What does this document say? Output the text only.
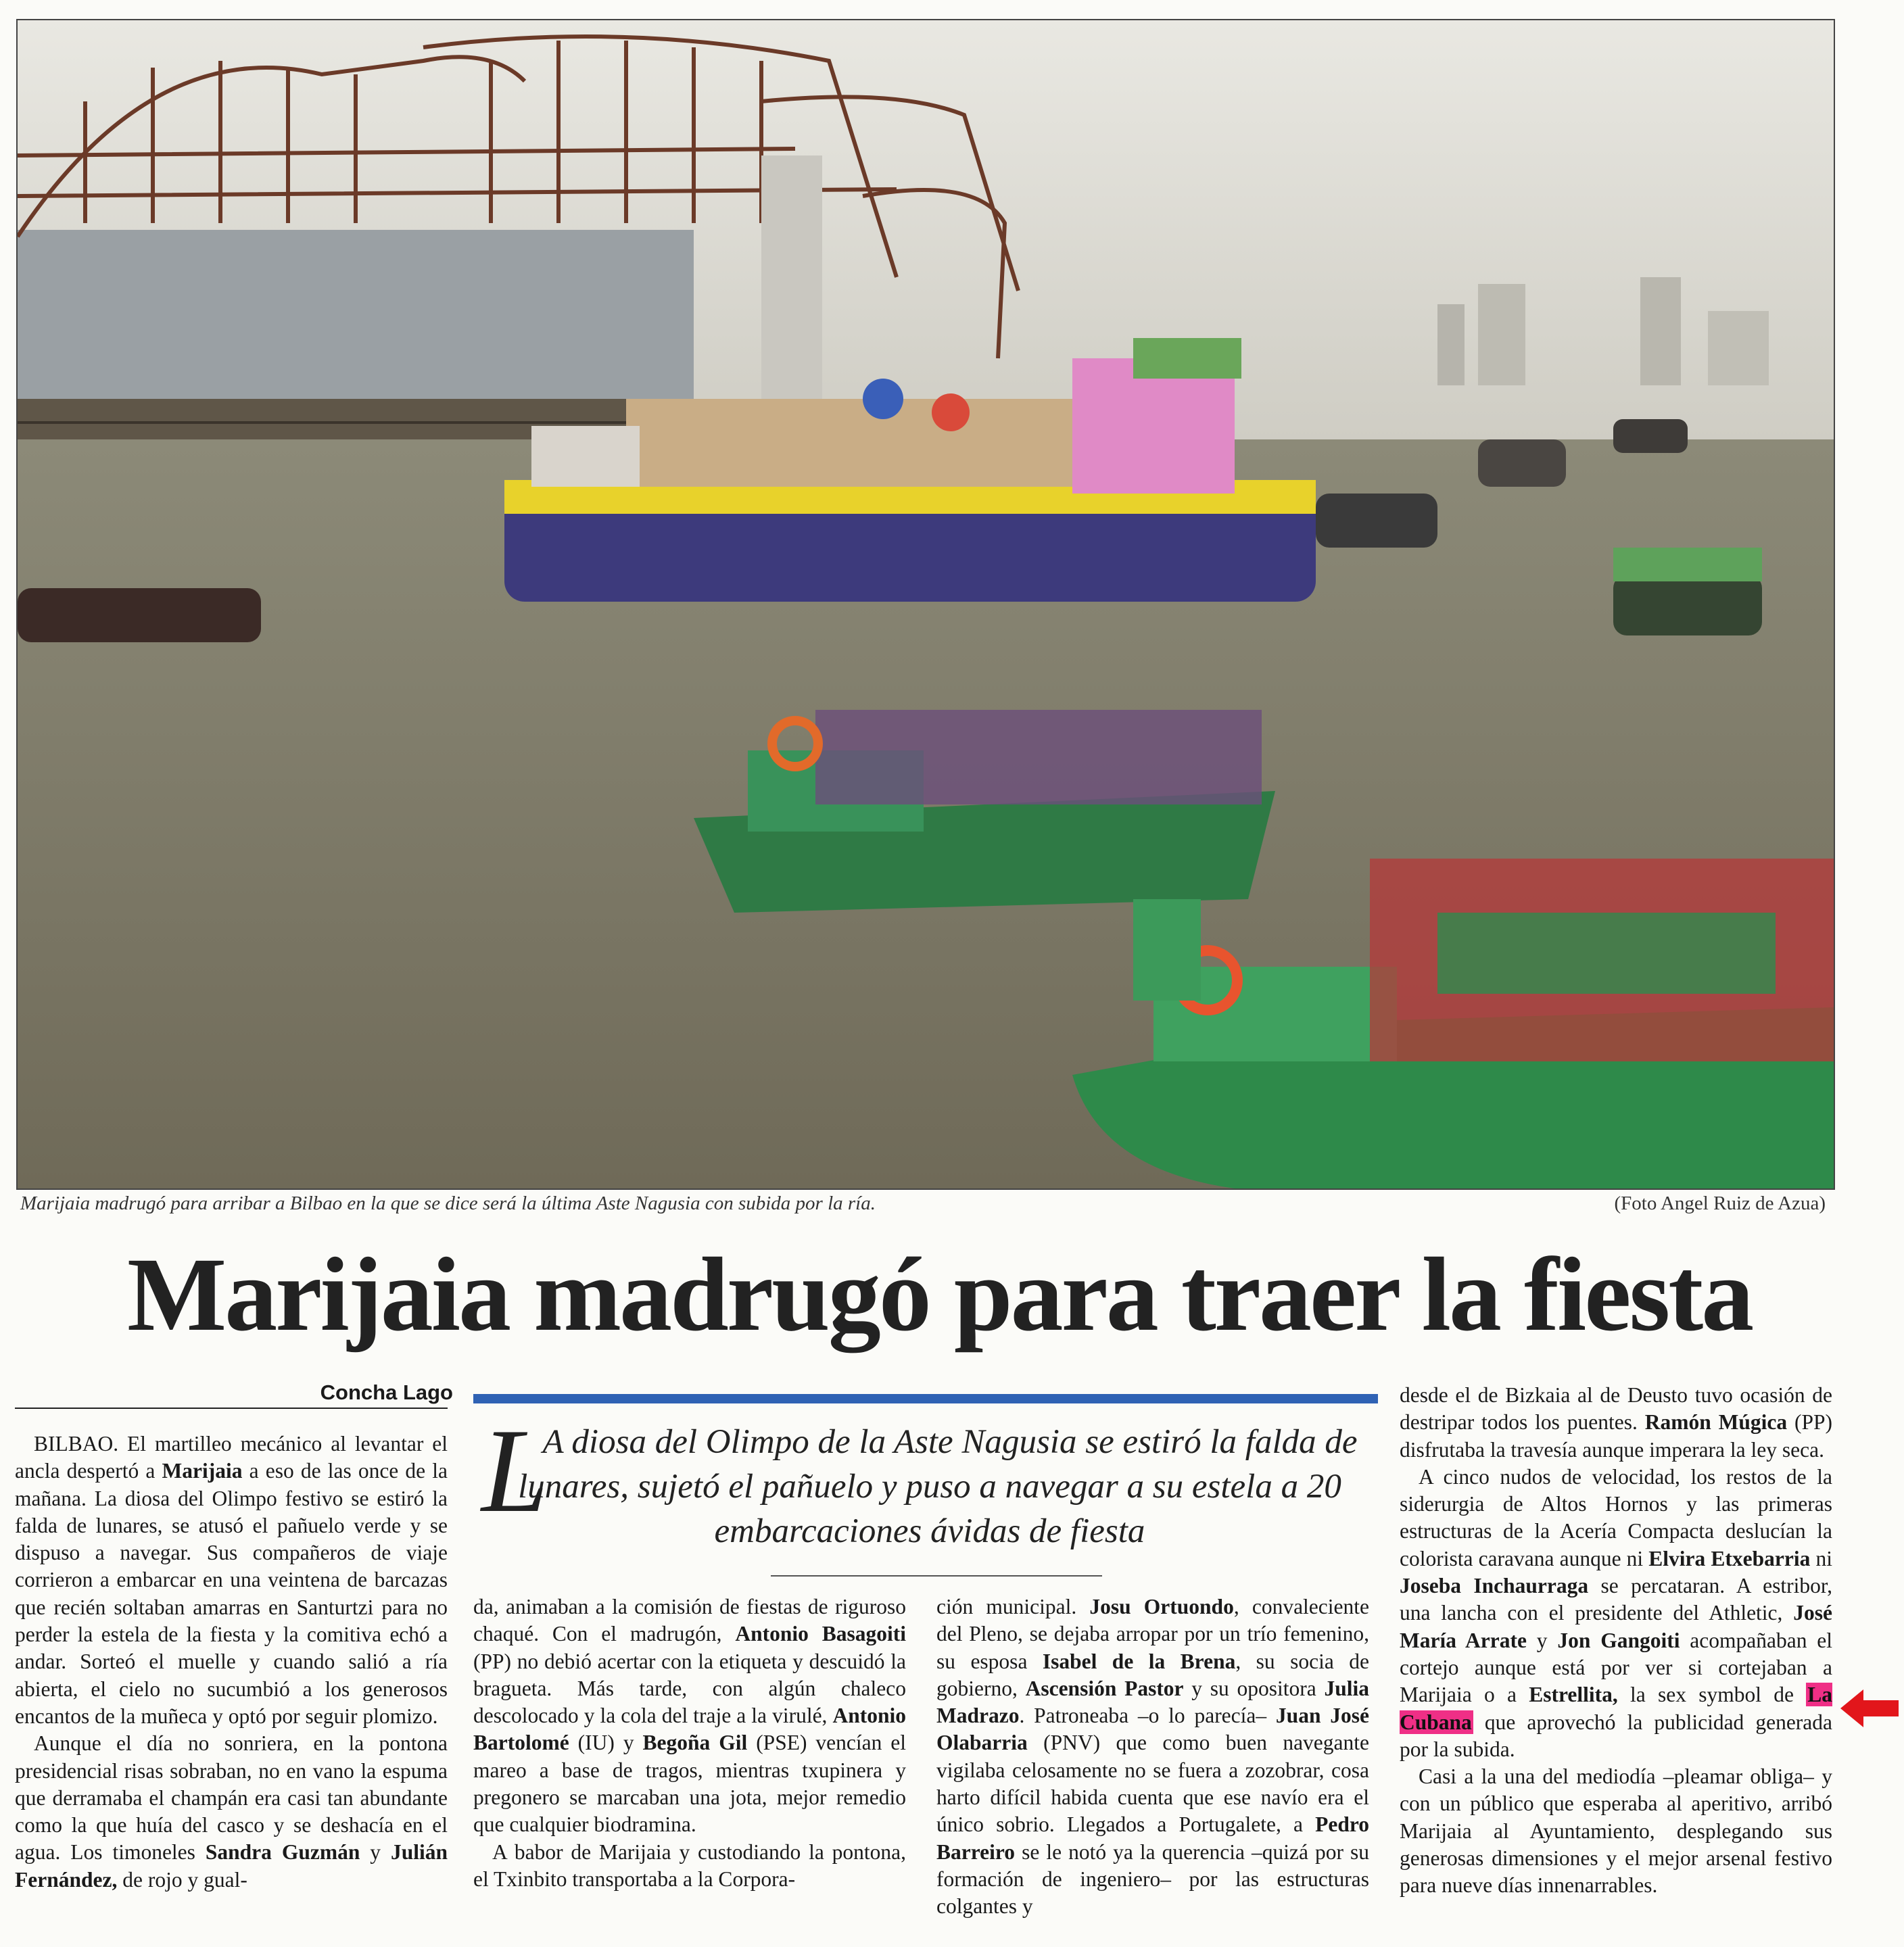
Marijaia madrugó para arribar a Bilbao en la que se dice será la última Aste Nagusia con subida por la ría.	(Foto Angel Ruiz de Azua)
Marijaia madrugó para traer la fiesta
Concha Lago
L
A diosa del Olimpo de la Aste Nagusia se estiró la falda de lunares, sujetó el pañuelo y puso a navegar a su estela a 20 embarcaciones ávidas de fiesta

BILBAO. El martilleo mecánico al levantar el ancla despertó a Marijaia a eso de las once de la mañana. La diosa del Olimpo festivo se estiró la falda de lunares, se atusó el pañuelo verde y se dispuso a navegar. Sus compañeros de viaje corrieron a embarcar en una veintena de barcazas que recién soltaban amarras en Santurtzi para no perder la estela de la fiesta y la comitiva echó a andar. Sorteó el muelle y cuando salió a ría abierta, el cielo no sucumbió a los generosos encantos de la muñeca y optó por seguir plomizo.

Aunque el día no sonriera, en la pontona presidencial risas sobraban, no en vano la espuma que derramaba el champán era casi tan abundante como la que huía del casco y se deshacía en el agua. Los timoneles Sandra Guzmán y Julián Fernández, de rojo y gual-

da, animaban a la comisión de fiestas de riguroso chaqué. Con el madrugón, Antonio Basagoiti (PP) no debió acertar con la etiqueta y descuidó la bragueta. Más tarde, con algún chaleco descolocado y la cola del traje a la virulé, Antonio Bartolomé (IU) y Begoña Gil (PSE) vencían el mareo a base de tragos, mientras txupinera y pregonero se marcaban una jota, mejor remedio que cualquier biodramina.

A babor de Marijaia y custodiando la pontona, el Txinbito transportaba a la Corpora-

ción municipal. Josu Ortuondo, convaleciente del Pleno, se dejaba arropar por un trío femenino, su esposa Isabel de la Brena, su socia de gobierno, Ascensión Pastor y su opositora Julia Madrazo. Patroneaba –o lo parecía– Juan José Olabarria (PNV) que como buen navegante vigilaba celosamente no se fuera a zozobrar, cosa harto difícil habida cuenta que ese navío era el único sobrio. Llegados a Portugalete, a Pedro Barreiro se le notó ya la querencia –quizá por su formación de ingeniero– por las estructuras colgantes y

desde el de Bizkaia al de Deusto tuvo ocasión de destripar todos los puentes. Ramón Múgica (PP) disfrutaba la travesía aunque imperara la ley seca.

A cinco nudos de velocidad, los restos de la siderurgia de Altos Hornos y las primeras estructuras de la Acería Compacta deslucían la colorista caravana aunque ni Elvira Etxebarria ni Joseba Inchaurraga se percataran. A estribor, una lancha con el presidente del Athletic, José María Arrate y Jon Gangoiti acompañaban el cortejo aunque está por ver si cortejaban a Marijaia o a Estrellita, la sex symbol de La Cubana que aprovechó la publicidad generada por la subida.

Casi a la una del mediodía –pleamar obliga– y con un público que esperaba al aperitivo, arribó Marijaia al Ayuntamiento, desplegando sus generosas dimensiones y el mejor arsenal festivo para nueve días innenarrables.
